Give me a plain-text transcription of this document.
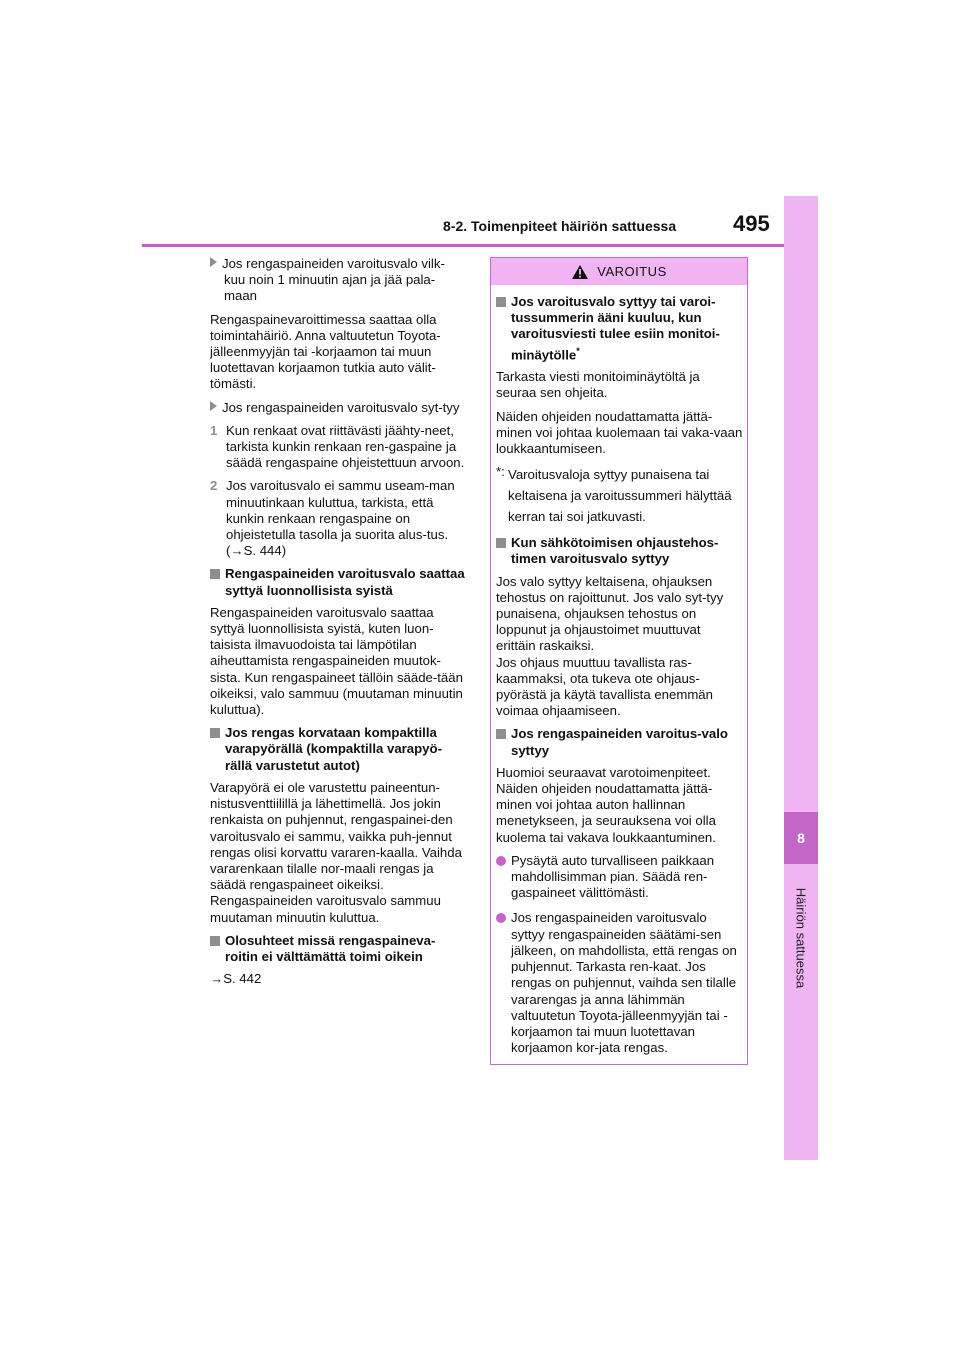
8-2. Toimenpiteet häiriön sattuessa	495
8
Häiriön sattuessa

Jos rengaspaineiden varoitusvalo vilk-kuu noin 1 minuutin ajan ja jää pala-maan

Rengaspainevaroittimessa saattaa olla toimintahäiriö. Anna valtuutetun Toyota-jälleenmyyjän tai -korjaamon tai muun luotettavan korjaamon tutkia auto välit-tömästi.

Jos rengaspaineiden varoitusvalo syt-tyy

1 Kun renkaat ovat riittävästi jäähty-neet, tarkista kunkin renkaan ren-gaspaine ja säädä rengaspaine ohjeistettuun arvoon.
2 Jos varoitusvalo ei sammu useam-man minuutinkaan kuluttua, tarkista, että kunkin renkaan rengaspaine on ohjeistetulla tasolla ja suorita alus-tus. (→S. 444)
Rengaspaineiden varoitusvalo saattaa syttyä luonnollisista syistä

Rengaspaineiden varoitusvalo saattaa syttyä luonnollisista syistä, kuten luon-taisista ilmavuodoista tai lämpötilan aiheuttamista rengaspaineiden muutok-sista. Kun rengaspaineet tällöin sääde-tään oikeiksi, valo sammuu (muutaman minuutin kuluttua).

Jos rengas korvataan kompaktilla varapyörällä (kompaktilla varapyö-rällä varustetut autot)

Varapyörä ei ole varustettu paineentun-nistusventtiilillä ja lähettimellä. Jos jokin renkaista on puhjennut, rengaspainei-den varoitusvalo ei sammu, vaikka puh-jennut rengas olisi korvattu vararen-kaalla. Vaihda vararenkaan tilalle nor-maali rengas ja säädä rengaspaineet oikeiksi. Rengaspaineiden varoitusvalo sammuu muutaman minuutin kuluttua.

Olosuhteet missä rengaspaineva-roitin ei välttämättä toimi oikein

→S. 442

VAROITUS
Jos varoitusvalo syttyy tai varoi-tussummerin ääni kuuluu, kun varoitusviesti tulee esiin monitoi-minäytölle*

Tarkasta viesti monitoiminäytöltä ja seuraa sen ohjeita.

Näiden ohjeiden noudattamatta jättä-minen voi johtaa kuolemaan tai vaka-vaan loukkaantumiseen.

*: Varoitusvaloja syttyy punaisena tai keltaisena ja varoitussummeri hälyttää kerran tai soi jatkuvasti.
Kun sähkötoimisen ohjaustehos-timen varoitusvalo syttyy

Jos valo syttyy keltaisena, ohjauksen tehostus on rajoittunut. Jos valo syt-tyy punaisena, ohjauksen tehostus on loppunut ja ohjaustoimet muuttuvat erittäin raskaiksi.

Jos ohjaus muuttuu tavallista ras-kaammaksi, ota tukeva ote ohjaus-pyörästä ja käytä tavallista enemmän voimaa ohjaamiseen.

Jos rengaspaineiden varoitus-valo syttyy

Huomioi seuraavat varotoimenpiteet. Näiden ohjeiden noudattamatta jättä-minen voi johtaa auton hallinnan menetykseen, ja seurauksena voi olla kuolema tai vakava loukkaantuminen.

Pysäytä auto turvalliseen paikkaan mahdollisimman pian. Säädä ren-gaspaineet välittömästi.
Jos rengaspaineiden varoitusvalo syttyy rengaspaineiden säätämi-sen jälkeen, on mahdollista, että rengas on puhjennut. Tarkasta ren-kaat. Jos rengas on puhjennut, vaihda sen tilalle vararengas ja anna lähimmän valtuutetun Toyota-jälleenmyyjän tai -korjaamon tai muun luotettavan korjaamon kor-jata rengas.
